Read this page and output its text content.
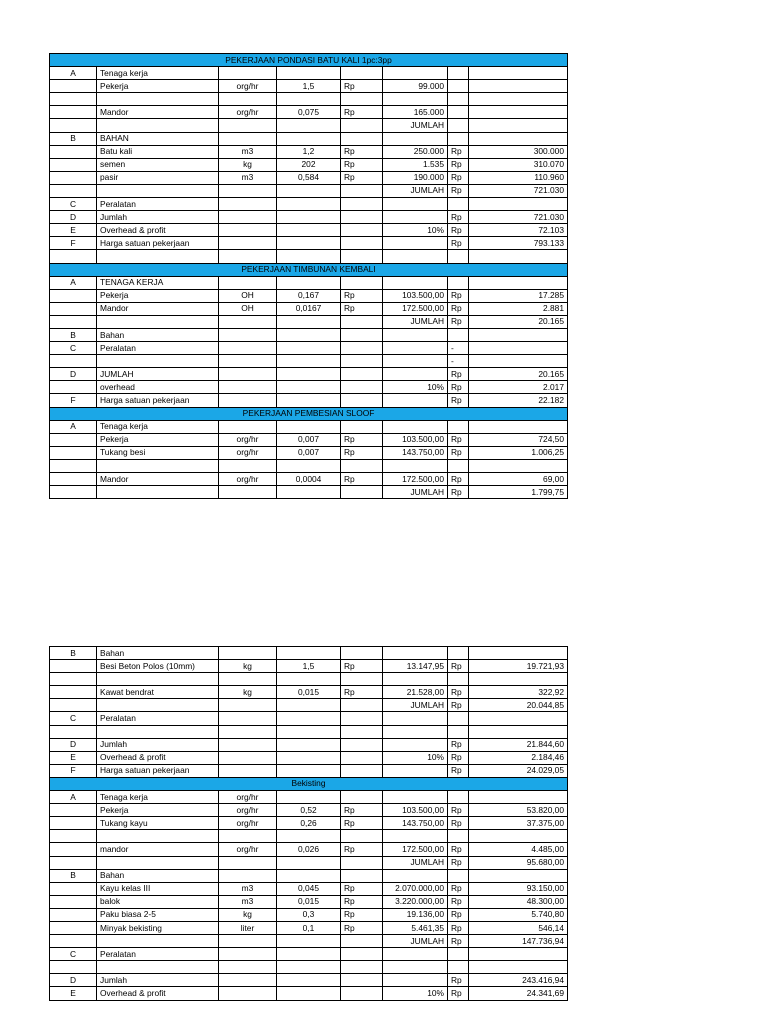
PEKERJAAN PONDASI BATU KALI 1pc:3pp							
A	Tenaga kerja						
	Pekerja	org/hr	1,5	Rp	99.000		

	Mandor	org/hr	0,075	Rp	165.000		
					JUMLAH		
B	BAHAN						
	Batu kali	m3	1,2	Rp	250.000	Rp	300.000
	semen	kg	202	Rp	1.535	Rp	310.070
	pasir	m3	0,584	Rp	190.000	Rp	110.960
					JUMLAH	Rp	721.030
C	Peralatan						
D	Jumlah					Rp	721.030
E	Overhead & profit				10%	Rp	72.103
F	Harga satuan pekerjaan					Rp	793.133

PEKERJAAN TIMBUNAN KEMBALI							
A	TENAGA KERJA						
	Pekerja	OH	0,167	Rp	103.500,00	Rp	17.285
	Mandor	OH	0,0167	Rp	172.500,00	Rp	2.881
					JUMLAH	Rp	20.165
B	Bahan						
C	Peralatan					-	
						-	
D	JUMLAH					Rp	20.165
	overhead				10%	Rp	2.017
F	Harga satuan pekerjaan					Rp	22.182
PEKERJAAN PEMBESIAN SLOOF							
A	Tenaga kerja						
	Pekerja	org/hr	0,007	Rp	103.500,00	Rp	724,50
	Tukang besi	org/hr	0,007	Rp	143.750,00	Rp	1.006,25

	Mandor	org/hr	0,0004	Rp	172.500,00	Rp	69,00
					JUMLAH	Rp	1.799,75
B	Bahan						
	Besi Beton Polos (10mm)	kg	1,5	Rp	13.147,95	Rp	19.721,93

	Kawat bendrat	kg	0,015	Rp	21.528,00	Rp	322,92
					JUMLAH	Rp	20.044,85
C	Peralatan						

D	Jumlah					Rp	21.844,60
E	Overhead & profit				10%	Rp	2.184,46
F	Harga satuan pekerjaan					Rp	24.029,05
Bekisting							
A	Tenaga kerja	org/hr					
	Pekerja	org/hr	0,52	Rp	103.500,00	Rp	53.820,00
	Tukang kayu	org/hr	0,26	Rp	143.750,00	Rp	37.375,00

	mandor	org/hr	0,026	Rp	172.500,00	Rp	4.485,00
					JUMLAH	Rp	95.680,00
B	Bahan						
	Kayu kelas III	m3	0,045	Rp	2.070.000,00	Rp	93.150,00
	balok	m3	0,015	Rp	3.220.000,00	Rp	48.300,00
	Paku biasa 2-5	kg	0,3	Rp	19.136,00	Rp	5.740,80
	Minyak bekisting	liter	0,1	Rp	5.461,35	Rp	546,14
					JUMLAH	Rp	147.736,94
C	Peralatan						

D	Jumlah					Rp	243.416,94
E	Overhead & profit				10%	Rp	24.341,69
